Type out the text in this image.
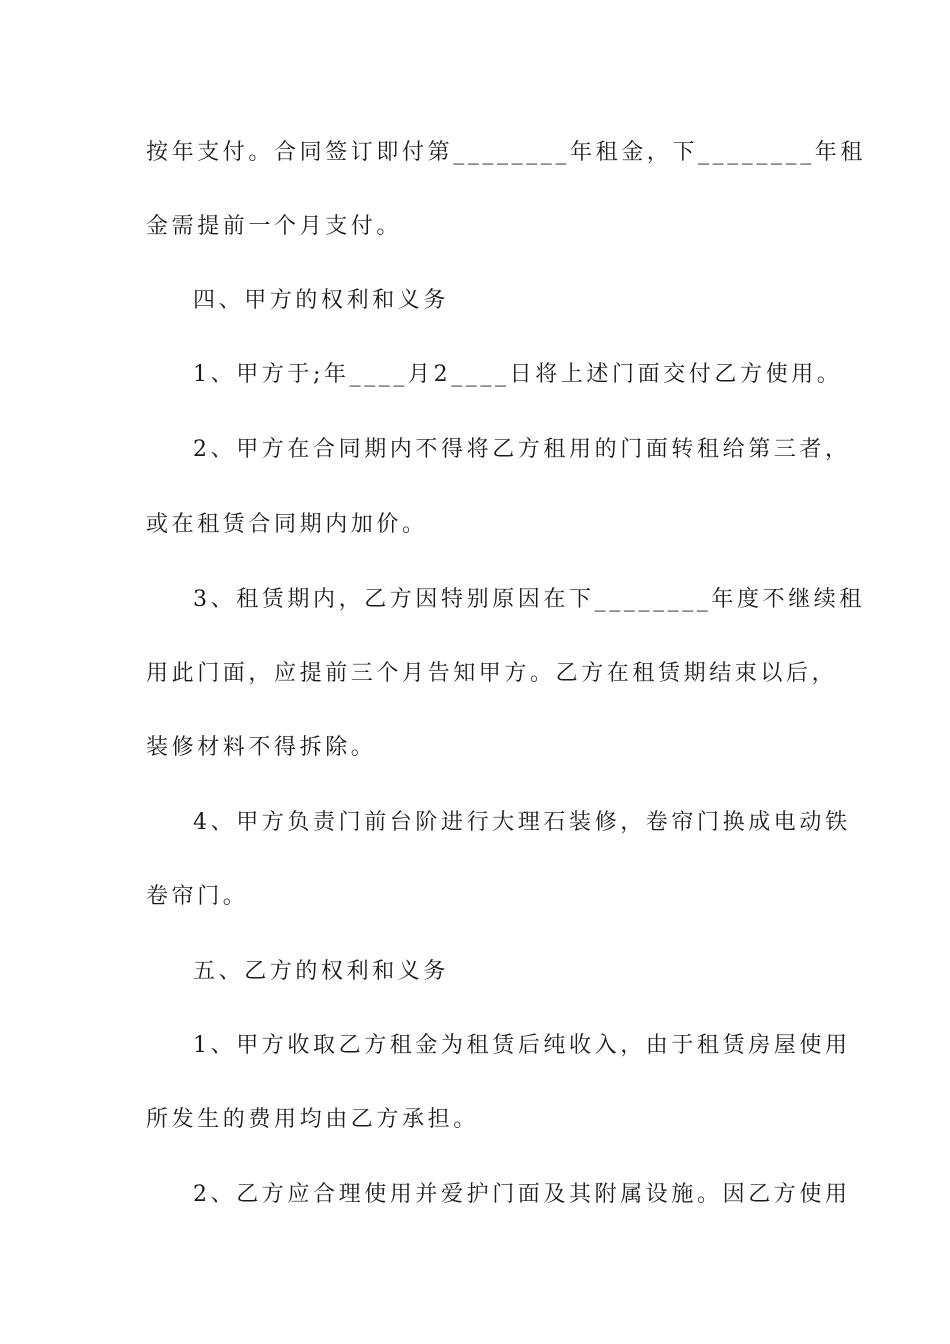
按年支付。合同签订即付第________年租金，下________年租
金需提前一个月支付。
四、甲方的权利和义务
1、甲方于;年____月2____日将上述门面交付乙方使用。
2、甲方在合同期内不得将乙方租用的门面转租给第三者，
或在租赁合同期内加价。
3、租赁期内，乙方因特别原因在下________年度不继续租
用此门面，应提前三个月告知甲方。乙方在租赁期结束以后，
装修材料不得拆除。
4、甲方负责门前台阶进行大理石装修，卷帘门换成电动铁
卷帘门。
五、乙方的权利和义务
1、甲方收取乙方租金为租赁后纯收入，由于租赁房屋使用
所发生的费用均由乙方承担。
2、乙方应合理使用并爱护门面及其附属设施。因乙方使用
